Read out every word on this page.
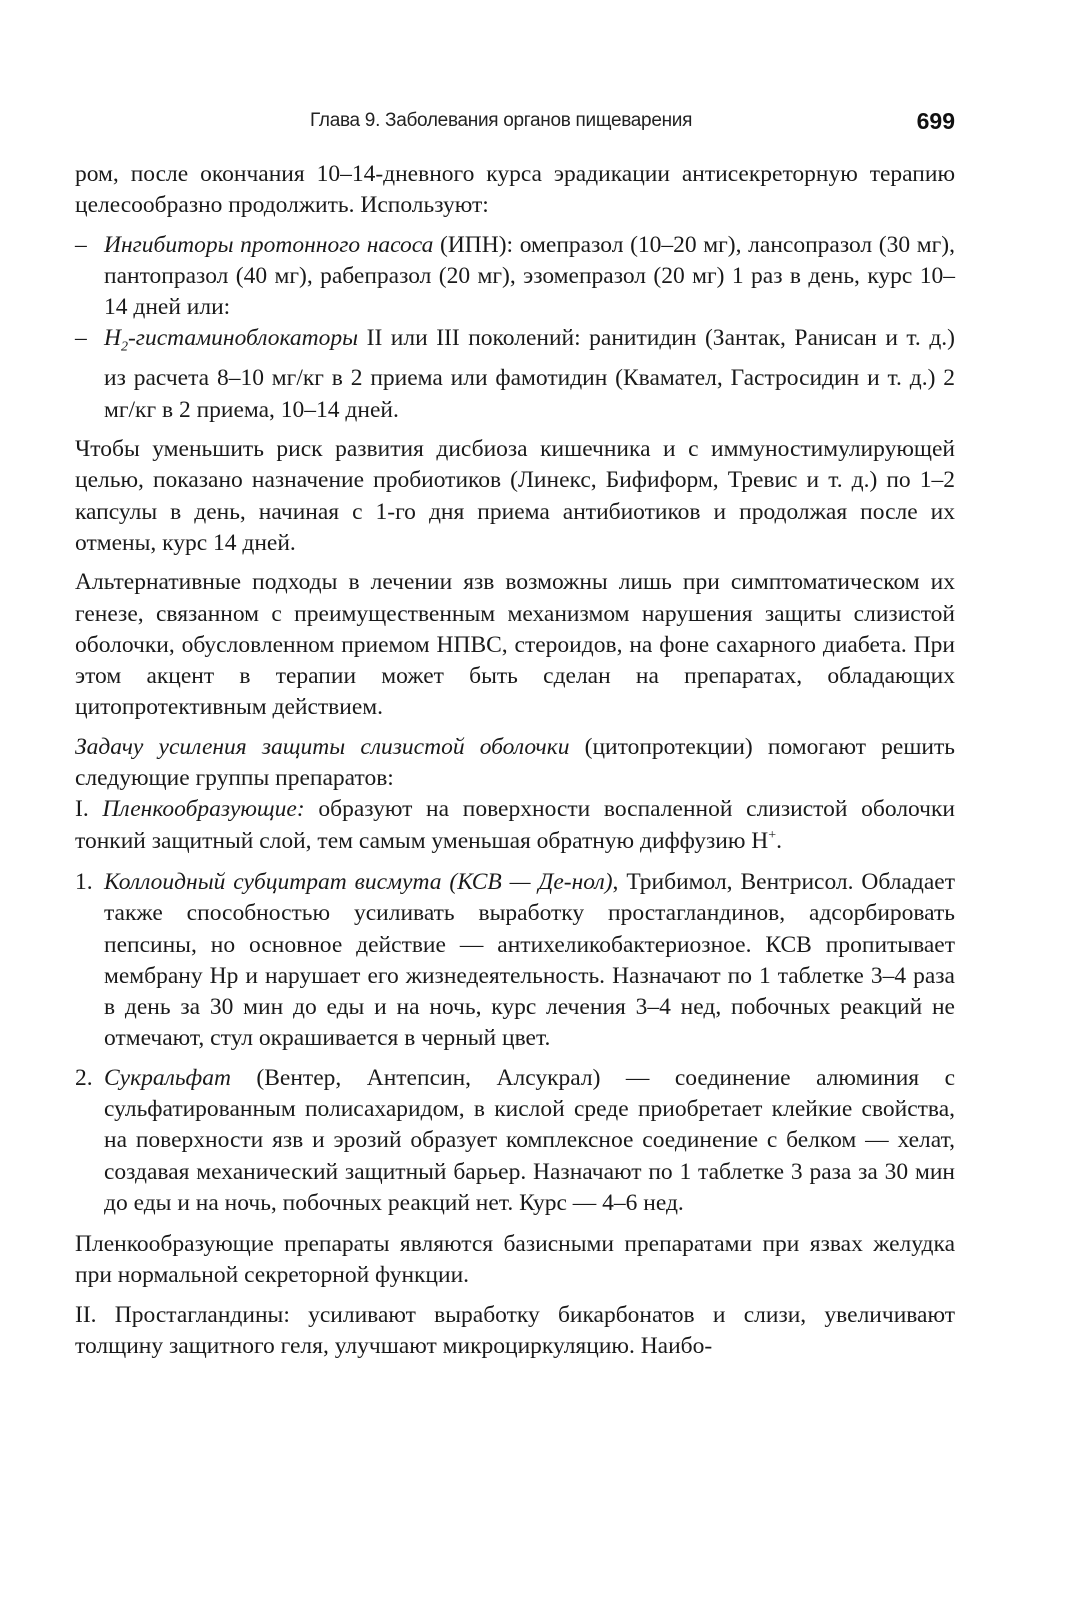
Глава 9. Заболевания органов пищеварения	699

ром, после окончания 10–14-дневного курса эрадикации антисекреторную терапию целесообразно продолжить. Используют:

– Ингибиторы протонного насоса (ИПН): омепразол (10–20 мг), лансопразол (30 мг), пантопразол (40 мг), рабепразол (20 мг), эзомепразол (20 мг) 1 раз в день, курс 10–14 дней или:
– $Н_2$-гистаминоблокаторы II или III поколений: ранитидин (Зантак, Ранисан и т. д.) из расчета 8–10 мг/кг в 2 приема или фамотидин (Квамател, Гастросидин и т. д.) 2 мг/кг в 2 приема, 10–14 дней.

Чтобы уменьшить риск развития дисбиоза кишечника и с иммуностимулирующей целью, показано назначение пробиотиков (Линекс, Бифиформ, Тревис и т. д.) по 1–2 капсулы в день, начиная с 1-го дня приема антибиотиков и продолжая после их отмены, курс 14 дней.

Альтернативные подходы в лечении язв возможны лишь при симптоматическом их генезе, связанном с преимущественным механизмом нарушения защиты слизистой оболочки, обусловленном приемом НПВС, стероидов, на фоне сахарного диабета. При этом акцент в терапии может быть сделан на препаратах, обладающих цитопротективным действием.

Задачу усиления защиты слизистой оболочки (цитопротекции) помогают решить следующие группы препаратов:

I. Пленкообразующие: образуют на поверхности воспаленной слизистой оболочки тонкий защитный слой, тем самым уменьшая обратную диффузию Н+.

1. Коллоидный субцитрат висмута (КСВ — Де-нол), Трибимол, Вентрисол. Обладает также способностью усиливать выработку простагландинов, адсорбировать пепсины, но основное действие — антихеликобактериозное. КСВ пропитывает мембрану Нр и нарушает его жизнедеятельность. Назначают по 1 таблетке 3–4 раза в день за 30 мин до еды и на ночь, курс лечения 3–4 нед, побочных реакций не отмечают, стул окрашивается в черный цвет.
2. Сукральфат (Вентер, Антепсин, Алсукрал) — соединение алюминия с сульфатированным полисахаридом, в кислой среде приобретает клейкие свойства, на поверхности язв и эрозий образует комплексное соединение с белком — хелат, создавая механический защитный барьер. Назначают по 1 таблетке 3 раза за 30 мин до еды и на ночь, побочных реакций нет. Курс — 4–6 нед.

Пленкообразующие препараты являются базисными препаратами при язвах желудка при нормальной секреторной функции.

II. Простагландины: усиливают выработку бикарбонатов и слизи, увеличивают толщину защитного геля, улучшают микроциркуляцию. Наибо-
